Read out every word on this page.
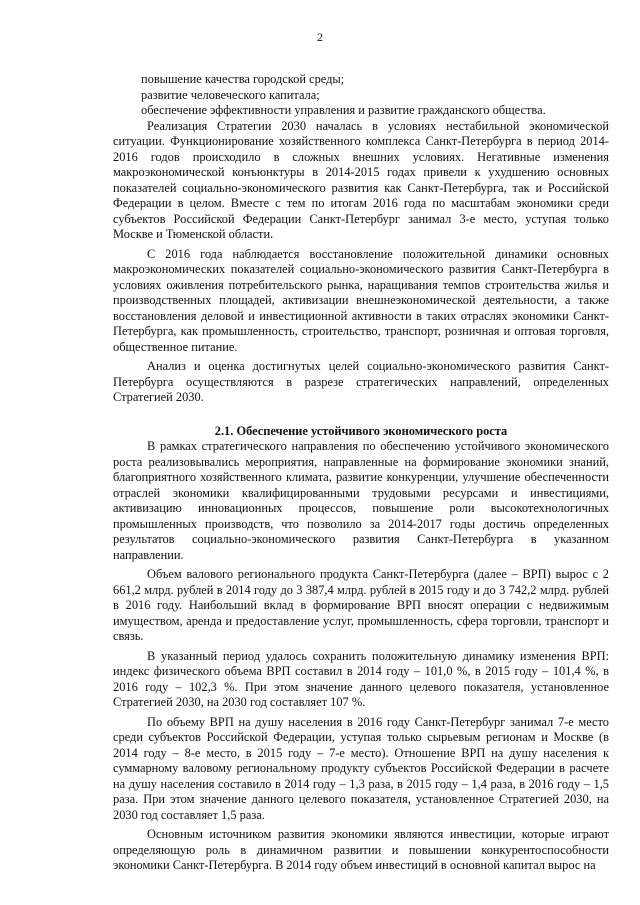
2

повышение качества городской среды;

развитие человеческого капитала;

обеспечение эффективности управления и развитие гражданского общества.

Реализация Стратегии 2030 началась в условиях нестабильной экономической ситуации. Функционирование хозяйственного комплекса Санкт-Петербурга в период 2014-2016 годов происходило в сложных внешних условиях. Негативные изменения макроэкономической конъюнктуры в 2014-2015 годах привели к ухудшению основных показателей социально-экономического развития как Санкт-Петербурга, так и Российской Федерации в целом. Вместе с тем по итогам 2016 года по масштабам экономики среди субъектов Российской Федерации Санкт-Петербург занимал 3-е место, уступая только Москве и Тюменской области.

С 2016 года наблюдается восстановление положительной динамики основных макроэкономических показателей социально-экономического развития Санкт-Петербурга в условиях оживления потребительского рынка, наращивания темпов строительства жилья и производственных площадей, активизации внешнеэкономической деятельности, а также восстановления деловой и инвестиционной активности в таких отраслях экономики Санкт-Петербурга, как промышленность, строительство, транспорт, розничная и оптовая торговля, общественное питание.

Анализ и оценка достигнутых целей социально-экономического развития Санкт-Петербурга осуществляются в разрезе стратегических направлений, определенных Стратегией 2030.

2.1. Обеспечение устойчивого экономического роста

В рамках стратегического направления по обеспечению устойчивого экономического роста реализовывались мероприятия, направленные на формирование экономики знаний, благоприятного хозяйственного климата, развитие конкуренции, улучшение обеспеченности отраслей экономики квалифицированными трудовыми ресурсами и инвестициями, активизацию инновационных процессов, повышение роли высокотехнологичных промышленных производств, что позволило за 2014-2017 годы достичь определенных результатов социально-экономического развития Санкт-Петербурга в указанном направлении.

Объем валового регионального продукта Санкт-Петербурга (далее – ВРП) вырос с 2 661,2 млрд. рублей в 2014 году до 3 387,4 млрд. рублей в 2015 году и до 3 742,2 млрд. рублей в 2016 году. Наибольший вклад в формирование ВРП вносят операции с недвижимым имуществом, аренда и предоставление услуг, промышленность, сфера торговли, транспорт и связь.

В указанный период удалось сохранить положительную динамику изменения ВРП: индекс физического объема ВРП составил в 2014 году – 101,0 %, в 2015 году – 101,4 %, в 2016 году – 102,3 %. При этом значение данного целевого показателя, установленное Стратегией 2030, на 2030 год составляет 107 %.

По объему ВРП на душу населения в 2016 году Санкт-Петербург занимал 7-е место среди субъектов Российской Федерации, уступая только сырьевым регионам и Москве (в 2014 году – 8-е место, в 2015 году – 7-е место). Отношение ВРП на душу населения к суммарному валовому региональному продукту субъектов Российской Федерации в расчете на душу населения составило в 2014 году – 1,3 раза, в 2015 году – 1,4 раза, в 2016 году – 1,5 раза. При этом значение данного целевого показателя, установленное Стратегией 2030, на 2030 год составляет 1,5 раза.

Основным источником развития экономики являются инвестиции, которые играют определяющую роль в динамичном развитии и повышении конкурентоспособности экономики Санкт-Петербурга. В 2014 году объем инвестиций в основной капитал вырос на
